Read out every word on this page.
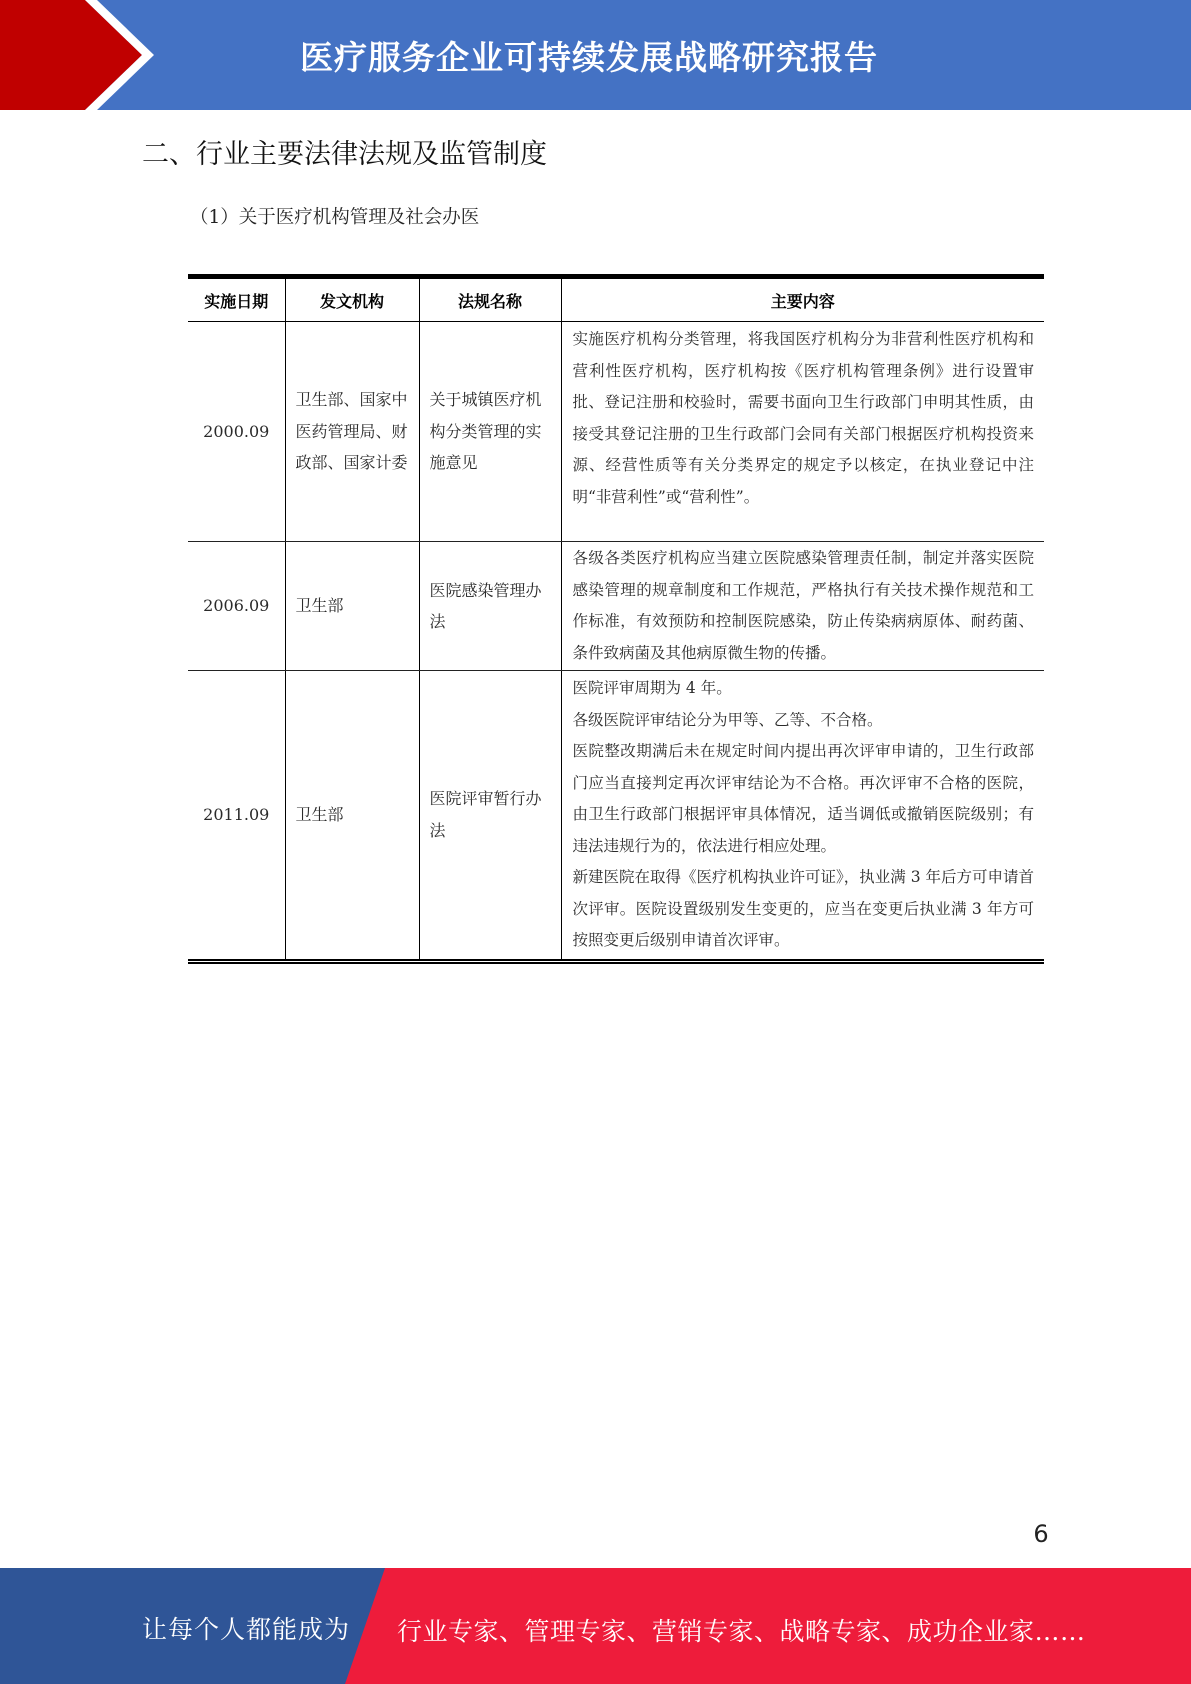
医疗服务企业可持续发展战略研究报告
二、行业主要法律法规及监管制度
（1）关于医疗机构管理及社会办医
实施日期	发文机构	法规名称	主要内容
2000.09	卫生部、国家中医药管理局、财政部、国家计委	关于城镇医疗机构分类管理的实施意见	实施医疗机构分类管理，将我国医疗机构分为非营利性医疗机构和营利性医疗机构，医疗机构按《医疗机构管理条例》进行设置审批、登记注册和校验时，需要书面向卫生行政部门申明其性质，由接受其登记注册的卫生行政部门会同有关部门根据医疗机构投资来源、经营性质等有关分类界定的规定予以核定，在执业登记中注明“非营利性”或“营利性”。

2006.09	卫生部	医院感染管理办法	各级各类医疗机构应当建立医院感染管理责任制，制定并落实医院感染管理的规章制度和工作规范，严格执行有关技术操作规范和工作标准，有效预防和控制医院感染，防止传染病病原体、耐药菌、条件致病菌及其他病原微生物的传播。

2011.09	卫生部	医院评审暂行办法	医院评审周期为 4 年。
各级医院评审结论分为甲等、乙等、不合格。
医院整改期满后未在规定时间内提出再次评审申请的，卫生行政部门应当直接判定再次评审结论为不合格。再次评审不合格的医院，由卫生行政部门根据评审具体情况，适当调低或撤销医院级别；有违法违规行为的，依法进行相应处理。
新建医院在取得《医疗机构执业许可证》，执业满 3 年后方可申请首次评审。医院设置级别发生变更的，应当在变更后执业满 3 年方可按照变更后级别申请首次评审。
6
让每个人都能成为 行业专家、管理专家、营销专家、战略专家、成功企业家……
